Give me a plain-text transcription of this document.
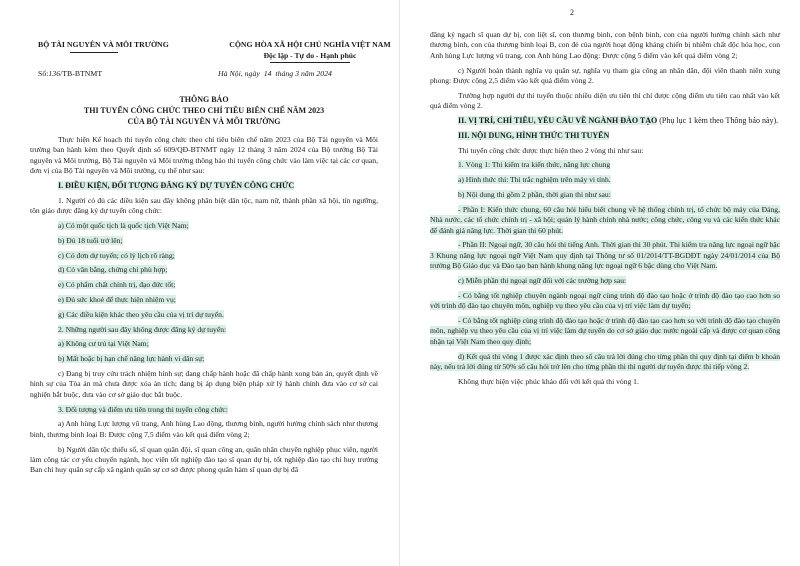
BỘ TÀI NGUYÊN VÀ MÔI TRƯỜNG	CỘNG HÒA XÃ HỘI CHỦ NGHĨA VIỆT NAM
Độc lập - Tự do - Hạnh phúc
Số:136/TB-BTNMT	Hà Nội, ngày 14 tháng 3 năm 2024
THÔNG BÁO
THI TUYỂN CÔNG CHỨC THEO CHỈ TIÊU BIÊN CHẾ NĂM 2023
CỦA BỘ TÀI NGUYÊN VÀ MÔI TRƯỜNG

Thực hiện Kế hoạch thi tuyển công chức theo chỉ tiêu biên chế năm 2023 của Bộ Tài nguyên và Môi trường ban hành kèm theo Quyết định số 609/QĐ-BTNMT ngày 12 tháng 3 năm 2024 của Bộ trưởng Bộ Tài nguyên và Môi trường, Bộ Tài nguyên và Môi trường thông báo thi tuyển công chức vào làm việc tại các cơ quan, đơn vị của Bộ Tài nguyên và Môi trường, cụ thể như sau:

I. ĐIỀU KIỆN, ĐỐI TƯỢNG ĐĂNG KÝ DỰ TUYỂN CÔNG CHỨC

1. Người có đủ các điều kiện sau đây không phân biệt dân tộc, nam nữ, thành phần xã hội, tín ngưỡng, tôn giáo được đăng ký dự tuyển công chức:

a) Có một quốc tịch là quốc tịch Việt Nam;

b) Đủ 18 tuổi trở lên;

c) Có đơn dự tuyển; có lý lịch rõ ràng;

d) Có văn bằng, chứng chỉ phù hợp;

e) Có phẩm chất chính trị, đạo đức tốt;

e) Đủ sức khoẻ để thực hiện nhiệm vụ;

g) Các điều kiện khác theo yêu cầu của vị trí dự tuyển.

2. Những người sau đây không được đăng ký dự tuyển:

a) Không cư trú tại Việt Nam;

b) Mất hoặc bị hạn chế năng lực hành vi dân sự;

c) Đang bị truy cứu trách nhiệm hình sự; đang chấp hành hoặc đã chấp hành xong bản án, quyết định về hình sự của Tòa án mà chưa được xóa án tích; đang bị áp dụng biện pháp xử lý hành chính đưa vào cơ sở cai nghiện bắt buộc, đưa vào cơ sở giáo dục bắt buộc.

3. Đối tượng và điểm ưu tiên trong thi tuyển công chức:

a) Anh hùng Lực lượng vũ trang, Anh hùng Lao động, thương binh, người hưởng chính sách như thương binh, thương binh loại B: Được cộng 7,5 điểm vào kết quả điểm vòng 2;

b) Người dân tộc thiểu số, sĩ quan quân đội, sĩ quan công an, quân nhân chuyên nghiệp phục viên, người làm công tác cơ yếu chuyển ngành, học viên tốt nghiệp đào tạo sĩ quan dự bị, tốt nghiệp đào tạo chỉ huy trưởng Ban chỉ huy quân sự cấp xã ngành quân sự cơ sở được phong quân hàm sĩ quan dự bị đã

2

đăng ký ngạch sĩ quan dự bị, con liệt sĩ, con thương binh, con bệnh binh, con của người hưởng chính sách như thương binh, con của thương binh loại B, con đẻ của người hoạt động kháng chiến bị nhiễm chất độc hóa học, con Anh hùng Lực lượng vũ trang, con Anh hùng Lao động: Được cộng 5 điểm vào kết quả điểm vòng 2;

c) Người hoàn thành nghĩa vụ quân sự, nghĩa vụ tham gia công an nhân dân, đội viên thanh niên xung phong: Được cộng 2,5 điểm vào kết quả điểm vòng 2.

Trường hợp người dự thi tuyển thuộc nhiều diện ưu tiên thì chỉ được cộng điểm ưu tiên cao nhất vào kết quả điểm vòng 2.

II. VỊ TRÍ, CHỈ TIÊU, YÊU CẦU VỀ NGÀNH ĐÀO TẠO (Phụ lục 1 kèm theo Thông báo này).

III. NỘI DUNG, HÌNH THỨC THI TUYỂN

Thi tuyển công chức được thực hiện theo 2 vòng thi như sau:

1. Vòng 1: Thi kiểm tra kiến thức, năng lực chung

a) Hình thức thi: Thi trắc nghiệm trên máy vi tính.

b) Nội dung thi gồm 2 phần, thời gian thi như sau:

- Phần I: Kiến thức chung, 60 câu hỏi hiểu biết chung về hệ thống chính trị, tổ chức bộ máy của Đảng, Nhà nước, các tổ chức chính trị - xã hội; quản lý hành chính nhà nước; công chức, công vụ và các kiến thức khác để đánh giá năng lực. Thời gian thi 60 phút.

- Phần II: Ngoại ngữ, 30 câu hỏi thi tiếng Anh. Thời gian thi 30 phút. Thi kiểm tra năng lực ngoại ngữ bậc 3 Khung năng lực ngoại ngữ Việt Nam quy định tại Thông tư số 01/2014/TT-BGDĐT ngày 24/01/2014 của Bộ trưởng Bộ Giáo dục và Đào tạo ban hành khung năng lực ngoại ngữ 6 bậc dùng cho Việt Nam.

c) Miễn phần thi ngoại ngữ đối với các trường hợp sau:

- Có bằng tốt nghiệp chuyên ngành ngoại ngữ cùng trình độ đào tạo hoặc ở trình độ đào tạo cao hơn so với trình độ đào tạo chuyên môn, nghiệp vụ theo yêu cầu của vị trí việc làm dự tuyển;

- Có bằng tốt nghiệp cùng trình độ đào tạo hoặc ở trình độ đào tạo cao hơn so với trình độ đào tạo chuyên môn, nghiệp vụ theo yêu cầu của vị trí việc làm dự tuyển do cơ sở giáo dục nước ngoài cấp và được cơ quan công nhận tại Việt Nam theo quy định;

d) Kết quả thi vòng 1 được xác định theo số câu trả lời đúng cho từng phần thi quy định tại điểm b khoản này, nếu trả lời đúng từ 50% số câu hỏi trở lên cho từng phần thi thì người dự tuyển được thi tiếp vòng 2.

Không thực hiện việc phúc khảo đối với kết quả thi vòng 1.
